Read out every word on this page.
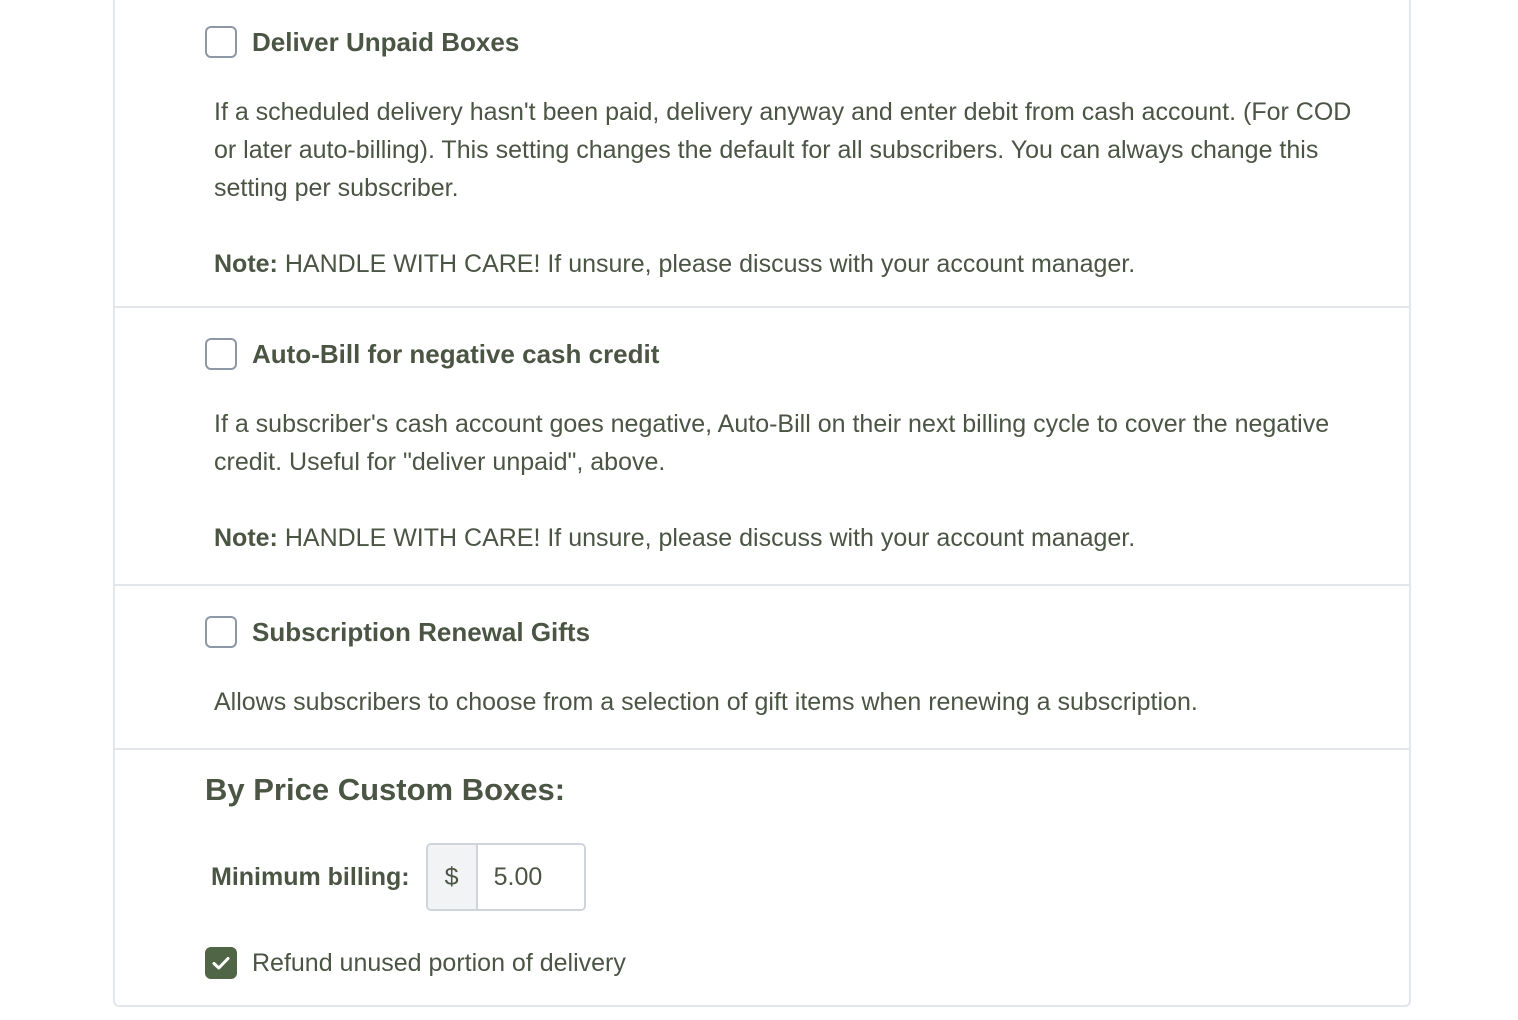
Deliver Unpaid Boxes
If a scheduled delivery hasn't been paid, delivery anyway and enter debit from cash account. (For COD or later auto-billing). This setting changes the default for all subscribers. You can always change this setting per subscriber.
Note: HANDLE WITH CARE! If unsure, please discuss with your account manager.
Auto-Bill for negative cash credit
If a subscriber's cash account goes negative, Auto-Bill on their next billing cycle to cover the negative credit. Useful for "deliver unpaid", above.
Note: HANDLE WITH CARE! If unsure, please discuss with your account manager.
Subscription Renewal Gifts
Allows subscribers to choose from a selection of gift items when renewing a subscription.
By Price Custom Boxes:
Minimum billing:	$
5.00
Refund unused portion of delivery
